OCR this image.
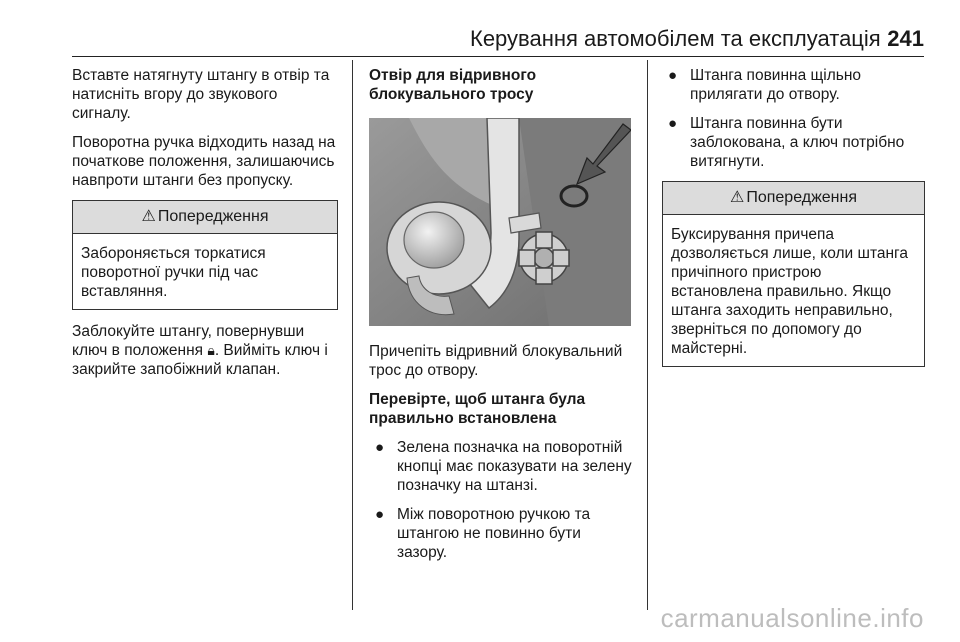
Керування автомобілем та експлуатація 241

Вставте натягнуту штангу в отвір та натисніть вгору до звукового сигналу.

Поворотна ручка відходить назад на початкове положення, залишаючись навпроти штанги без пропуску.

⚠ Попередження
Забороняється торкатися поворотної ручки під час вставляння.

Заблокуйте штангу, повернувши ключ в положення 🔒︎. Вийміть ключ і закрийте запобіжний клапан.

Отвір для відривного блокувального тросу

Причепіть відривний блокувальний трос до отвору.

Перевірте, щоб штанга була правильно встановлена
● Зелена позначка на поворотній кнопці має показувати на зелену позначку на штанзі.
● Між поворотною ручкою та штангою не повинно бути зазору.
● Штанга повинна щільно прилягати до отвору.
● Штанга повинна бути заблокована, а ключ потрібно витягнути.
⚠ Попередження
Буксирування причепа дозволяється лише, коли штанга причіпного пристрою встановлена правильно. Якщо штанга заходить неправильно, зверніться по допомогу до майстерні.
carmanualsonline.info
